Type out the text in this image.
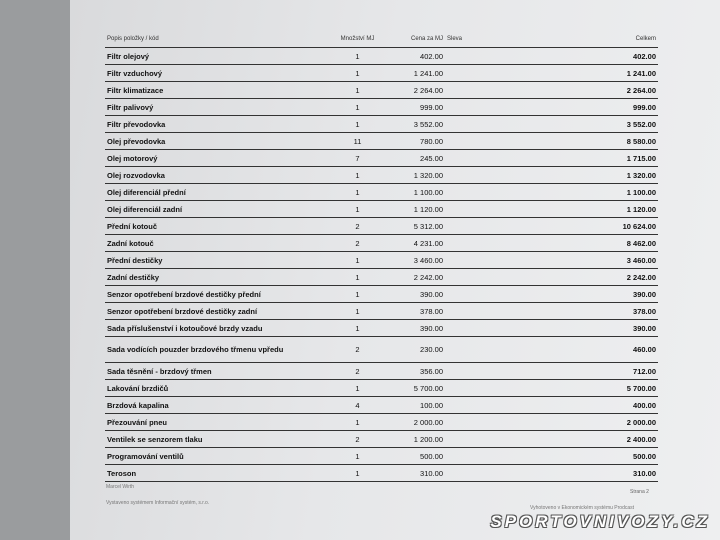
Popis položky / kód	Množství MJ	Cena za MJ	Sleva	Celkem
Filtr olejový	1	402.00		402.00
Filtr vzduchový	1	1 241.00		1 241.00
Filtr klimatizace	1	2 264.00		2 264.00
Filtr palivový	1	999.00		999.00
Filtr převodovka	1	3 552.00		3 552.00
Olej převodovka	11	780.00		8 580.00
Olej motorový	7	245.00		1 715.00
Olej rozvodovka	1	1 320.00		1 320.00
Olej diferenciál přední	1	1 100.00		1 100.00
Olej diferenciál zadní	1	1 120.00		1 120.00
Přední kotouč	2	5 312.00		10 624.00
Zadní kotouč	2	4 231.00		8 462.00
Přední destičky	1	3 460.00		3 460.00
Zadní destičky	1	2 242.00		2 242.00
Senzor opotřebení brzdové destičky přední	1	390.00		390.00
Senzor opotřebení brzdové destičky zadní	1	378.00		378.00
Sada příslušenství i kotoučové brzdy vzadu	1	390.00		390.00
Sada vodících pouzder brzdového třmenu vpředu	2	230.00		460.00
Sada těsnění - brzdový třmen	2	356.00		712.00
Lakování brzdičů	1	5 700.00		5 700.00
Brzdová kapalina	4	100.00		400.00
Přezouvání pneu	1	2 000.00		2 000.00
Ventilek se senzorem tlaku	2	1 200.00		2 400.00
Programování ventilů	1	500.00		500.00
Teroson	1	310.00		310.00
Marcel Wirth
Vystaveno systémem Informační systém, s.r.o.
Strana 2
Vyhotoveno v Ekonomickém systému Prodcast
SPORTOVNIVOZY.CZ
